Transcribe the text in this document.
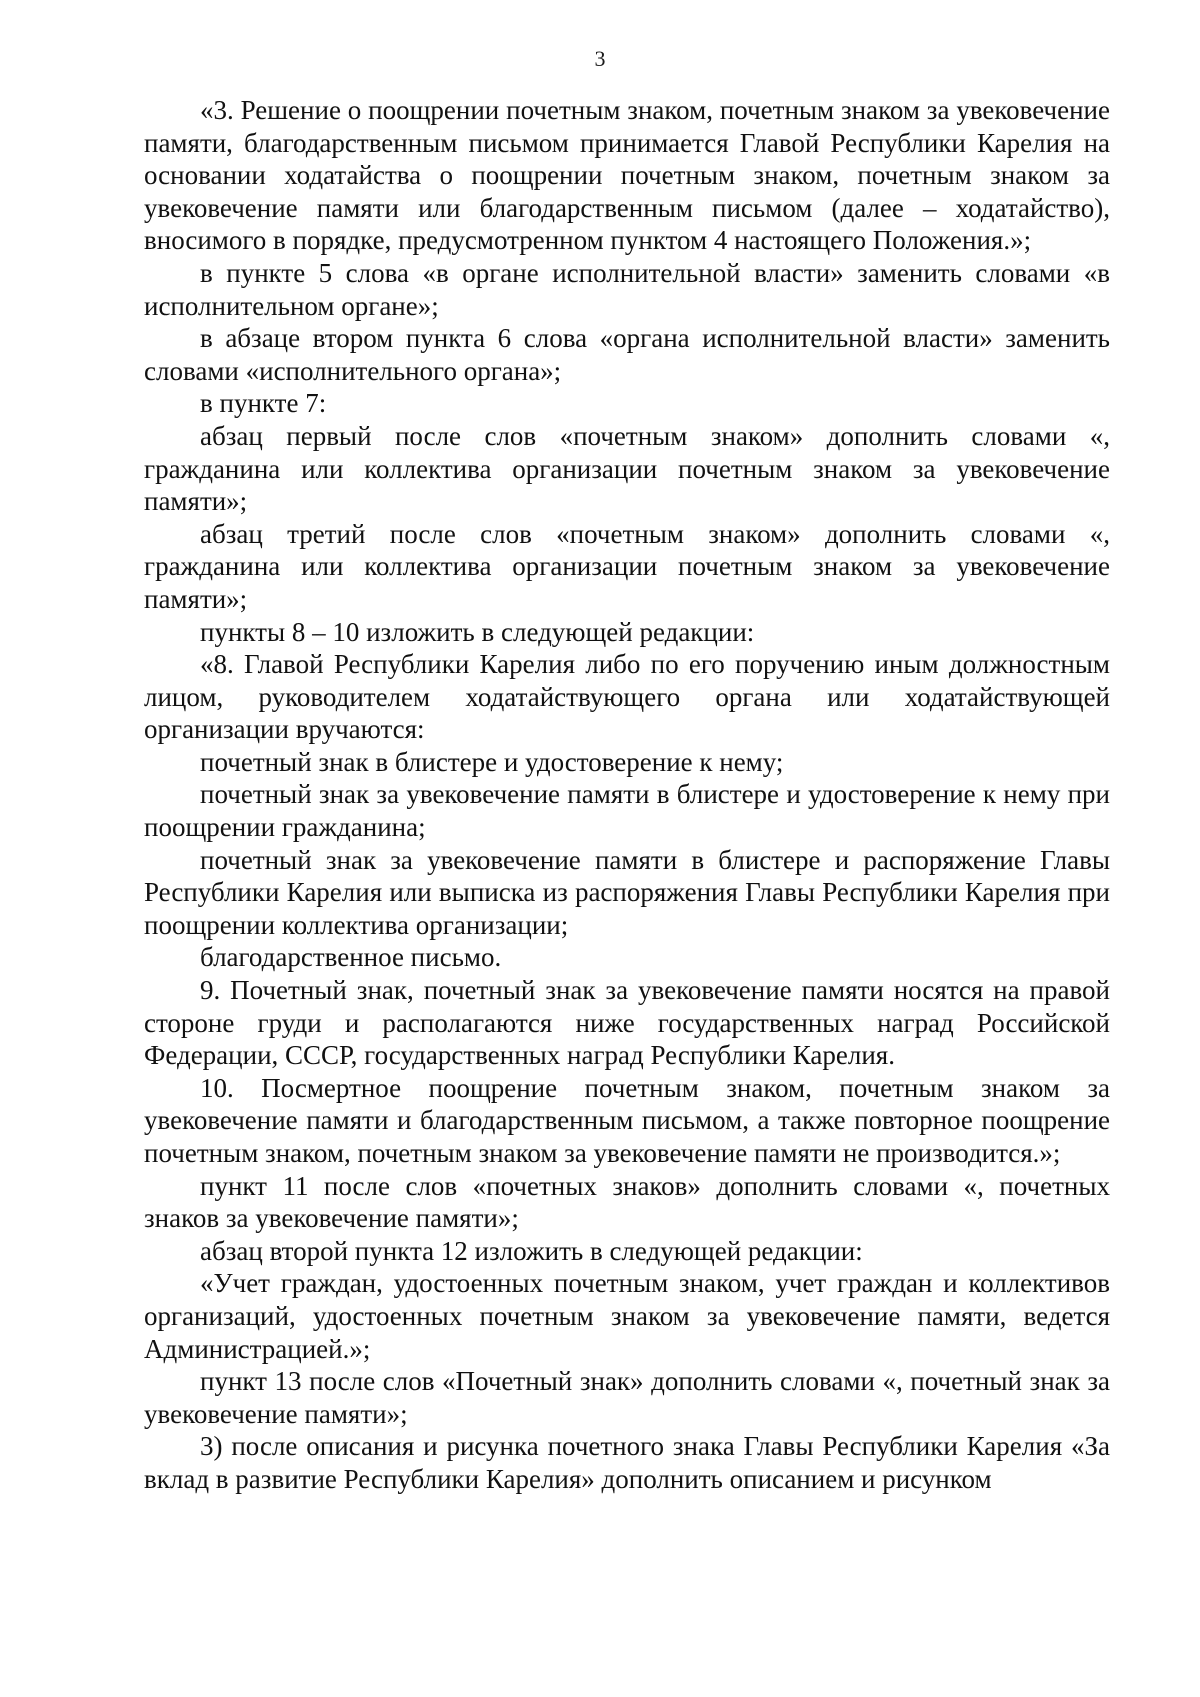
3

«3. Решение о поощрении почетным знаком, почетным знаком за увековечение памяти, благодарственным письмом принимается Главой Республики Карелия на основании ходатайства о поощрении почетным знаком, почетным знаком за увековечение памяти или благодарственным письмом (далее – ходатайство), вносимого в порядке, предусмотренном пунктом 4 настоящего Положения.»;

в пункте 5 слова «в органе исполнительной власти» заменить словами «в исполнительном органе»;

в абзаце втором пункта 6 слова «органа исполнительной власти» заменить словами «исполнительного органа»;

в пункте 7:

абзац первый после слов «почетным знаком» дополнить словами «, гражданина или коллектива организации почетным знаком за увековечение памяти»;

абзац третий после слов «почетным знаком» дополнить словами «, гражданина или коллектива организации почетным знаком за увековечение памяти»;

пункты 8 – 10 изложить в следующей редакции:

«8. Главой Республики Карелия либо по его поручению иным должностным лицом, руководителем ходатайствующего органа или ходатайствующей организации вручаются:

почетный знак в блистере и удостоверение к нему;

почетный знак за увековечение памяти в блистере и удостоверение к нему при поощрении гражданина;

почетный знак за увековечение памяти в блистере и распоряжение Главы Республики Карелия или выписка из распоряжения Главы Республики Карелия при поощрении коллектива организации;

благодарственное письмо.

9. Почетный знак, почетный знак за увековечение памяти носятся на правой стороне груди и располагаются ниже государственных наград Российской Федерации, СССР, государственных наград Республики Карелия.

10. Посмертное поощрение почетным знаком, почетным знаком за увековечение памяти и благодарственным письмом, а также повторное поощрение почетным знаком, почетным знаком за увековечение памяти не производится.»;

пункт 11 после слов «почетных знаков» дополнить словами «, почетных знаков за увековечение памяти»;

абзац второй пункта 12 изложить в следующей редакции:

«Учет граждан, удостоенных почетным знаком, учет граждан и коллективов организаций, удостоенных почетным знаком за увековечение памяти, ведется Администрацией.»;

пункт 13 после слов «Почетный знак» дополнить словами «, почетный знак за увековечение памяти»;

3) после описания и рисунка почетного знака Главы Республики Карелия «За вклад в развитие Республики Карелия» дополнить описанием и рисунком
